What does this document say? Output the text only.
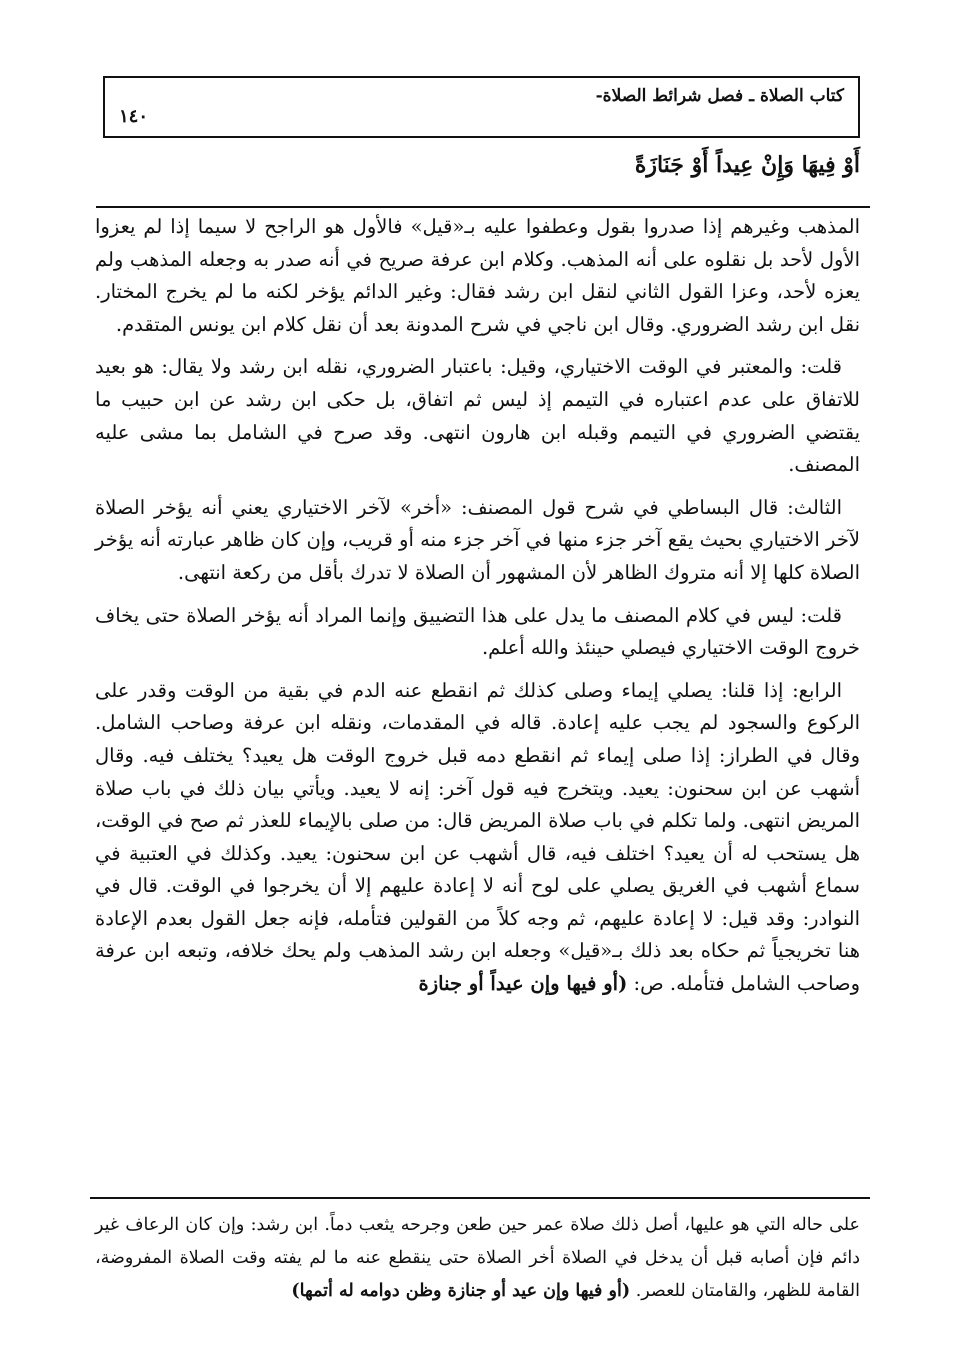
كتاب الصلاة ـ فصل شرائط الصلاة-
١٤٠
أَوْ فِيهَا وَإِنْ عِيداً أَوْ جَنَازَةً

المذهب وغيرهم إذا صدروا بقول وعطفوا عليه بـ«قيل» فالأول هو الراجح لا سيما إذا لم يعزوا الأول لأحد بل نقلوه على أنه المذهب. وكلام ابن عرفة صريح في أنه صدر به وجعله المذهب ولم يعزه لأحد، وعزا القول الثاني لنقل ابن رشد فقال: وغير الدائم يؤخر لكنه ما لم يخرج المختار. نقل ابن رشد الضروري. وقال ابن ناجي في شرح المدونة بعد أن نقل كلام ابن يونس المتقدم.

قلت: والمعتبر في الوقت الاختياري، وقيل: باعتبار الضروري، نقله ابن رشد ولا يقال: هو بعيد للاتفاق على عدم اعتباره في التيمم إذ ليس ثم اتفاق، بل حكى ابن رشد عن ابن حبيب ما يقتضي الضروري في التيمم وقبله ابن هارون انتهى. وقد صرح في الشامل بما مشى عليه المصنف.

الثالث: قال البساطي في شرح قول المصنف: «أخر» لآخر الاختياري يعني أنه يؤخر الصلاة لآخر الاختياري بحيث يقع آخر جزء منها في آخر جزء منه أو قريب، وإن كان ظاهر عبارته أنه يؤخر الصلاة كلها إلا أنه متروك الظاهر لأن المشهور أن الصلاة لا تدرك بأقل من ركعة انتهى.

قلت: ليس في كلام المصنف ما يدل على هذا التضييق وإنما المراد أنه يؤخر الصلاة حتى يخاف خروج الوقت الاختياري فيصلي حينئذ والله أعلم.

الرابع: إذا قلنا: يصلي إيماء وصلى كذلك ثم انقطع عنه الدم في بقية من الوقت وقدر على الركوع والسجود لم يجب عليه إعادة. قاله في المقدمات، ونقله ابن عرفة وصاحب الشامل. وقال في الطراز: إذا صلى إيماء ثم انقطع دمه قبل خروج الوقت هل يعيد؟ يختلف فيه. وقال أشهب عن ابن سحنون: يعيد. ويتخرج فيه قول آخر: إنه لا يعيد. ويأتي بيان ذلك في باب صلاة المريض انتهى. ولما تكلم في باب صلاة المريض قال: من صلى بالإيماء للعذر ثم صح في الوقت، هل يستحب له أن يعيد؟ اختلف فيه، قال أشهب عن ابن سحنون: يعيد. وكذلك في العتبية في سماع أشهب في الغريق يصلي على لوح أنه لا إعادة عليهم إلا أن يخرجوا في الوقت. قال في النوادر: وقد قيل: لا إعادة عليهم، ثم وجه كلاً من القولين فتأمله، فإنه جعل القول بعدم الإعادة هنا تخريجياً ثم حكاه بعد ذلك بـ«قيل» وجعله ابن رشد المذهب ولم يحك خلافه، وتبعه ابن عرفة وصاحب الشامل فتأمله. ص: (أو فيها وإن عيداً أو جنازة

على حاله التي هو عليها، أصل ذلك صلاة عمر حين طعن وجرحه يثعب دماً. ابن رشد: وإن كان الرعاف غير دائم فإن أصابه قبل أن يدخل في الصلاة أخر الصلاة حتى ينقطع عنه ما لم يفته وقت الصلاة المفروضة، القامة للظهر، والقامتان للعصر. (أو فيها وإن عيد أو جنازة وظن دوامه له أتمها)
